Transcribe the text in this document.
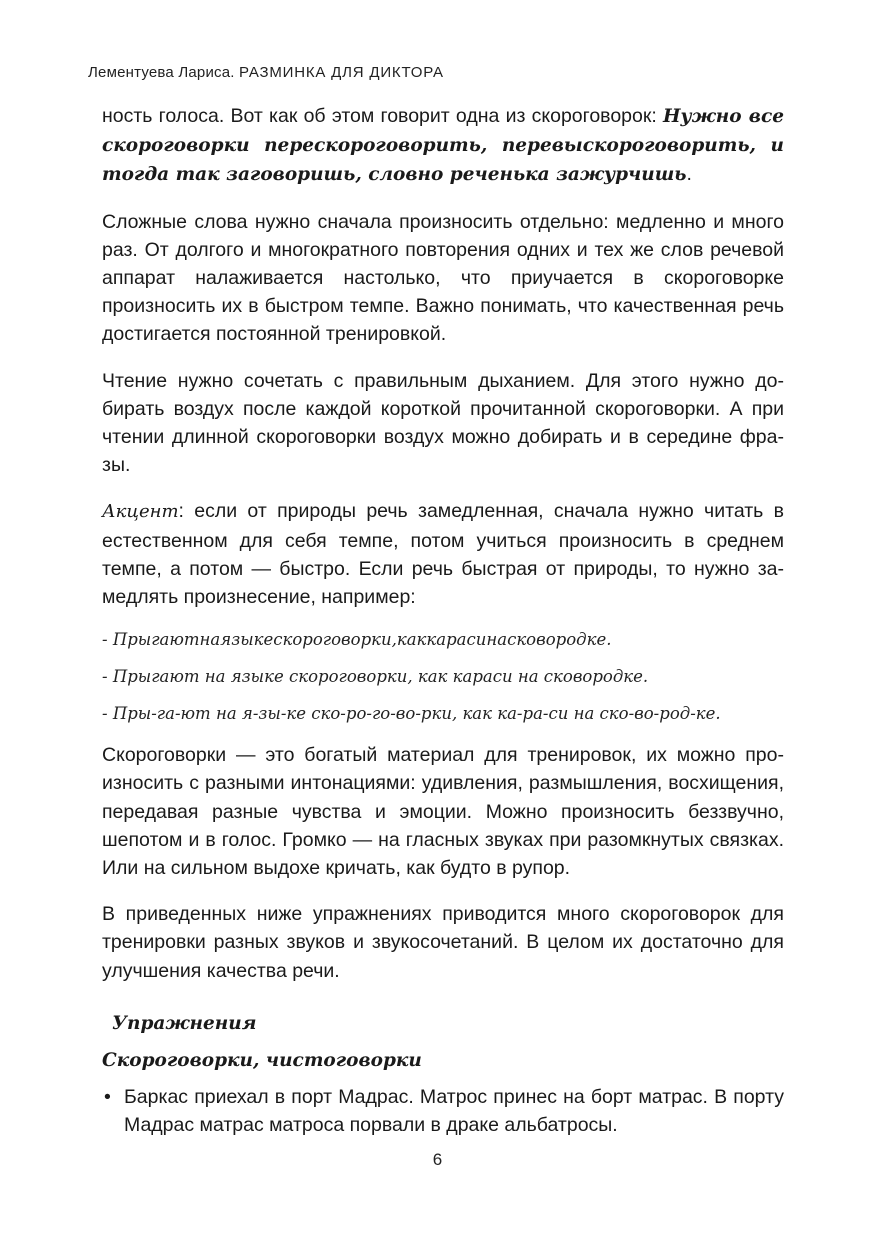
Лементуева Лариса. РАЗМИНКА ДЛЯ ДИКТОРА

ность голоса. Вот как об этом говорит одна из скороговорок: Нужно все скороговорки перескороговорить, перевыскороговорить, и тогда так заговоришь, словно реченька зажурчишь.

Сложные слова нужно сначала произносить отдельно: медленно и много раз. От долгого и многократного повторения одних и тех же слов речевой аппарат налаживается настолько, что приучается в скороговорке произносить их в быстром темпе. Важно понимать, что качественная речь достигается постоянной тренировкой.

Чтение нужно сочетать с правильным дыханием. Для этого нужно добирать воздух после каждой короткой прочитанной скороговорки. А при чтении длинной скороговорки воздух можно добирать и в середине фразы.

Акцент: если от природы речь замедленная, сначала нужно читать в естественном для себя темпе, потом учиться произносить в среднем темпе, а потом — быстро. Если речь быстрая от природы, то нужно замедлять произнесение, например:

- Прыгаютнаязыкескороговорки,каккарасинасковородке.
- Прыгают на языке скороговорки, как караси на сковородке.
- Пры-га-ют на я-зы-ке ско-ро-го-во-рки, как ка-ра-си на ско-во-род-ке.

Скороговорки — это богатый материал для тренировок, их можно произносить с разными интонациями: удивления, размышления, восхищения, передавая разные чувства и эмоции. Можно произносить беззвучно, шепотом и в голос. Громко — на гласных звуках при разомкнутых связках. Или на сильном выдохе кричать, как будто в рупор.

В приведенных ниже упражнениях приводится много скороговорок для тренировки разных звуков и звукосочетаний. В целом их достаточно для улучшения качества речи.

Упражнения
Скороговорки, чистоговорки
• Баркас приехал в порт Мадрас. Матрос принес на борт матрас. В порту Мадрас матрас матроса порвали в драке альбатросы.
6
